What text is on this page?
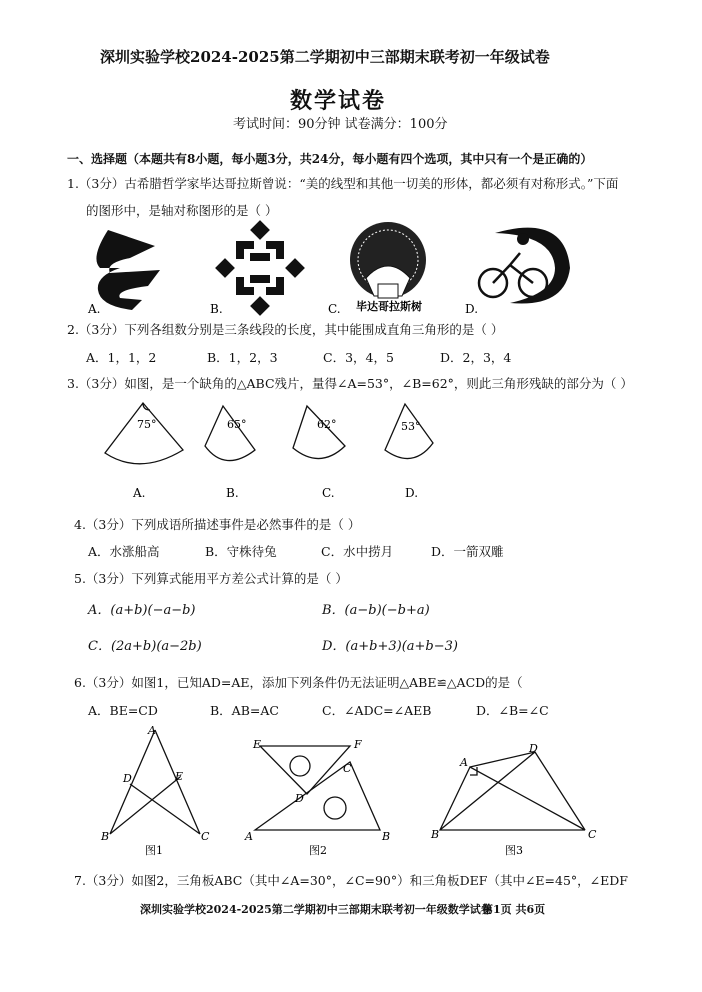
深圳实验学校2024-2025第二学期初中三部期末联考初一年级试卷
数学试卷
考试时间：90分钟 试卷满分：100分
一、选择题（本题共有8小题，每小题3分，共24分，每小题有四个选项，其中只有一个是正确的）
1.（3分）古希腊哲学家毕达哥拉斯曾说：“美的线型和其他一切美的形体，都必须有对称形式。”下面
的图形中，是轴对称图形的是（ ）
毕达哥拉斯树
A.	B.	C.	D.
2.（3分）下列各组数分别是三条线段的长度，其中能围成直角三角形的是（ ）
A．1，1，2	B．1，2，3	C．3，4，5	D．2，3，4
3.（3分）如图，是一个缺角的△ABC残片，量得∠A=53°，∠B=62°，则此三角形残缺的部分为（ ）
75°	65°	62°	53°
A.	B.	C.	D.
4.（3分）下列成语所描述事件是必然事件的是（ ）
A．水涨船高	B．守株待兔	C．水中捞月	D．一箭双雕
5.（3分）下列算式能用平方差公式计算的是（ ）
A．(a+b)(−a−b)	B．(a−b)(−b+a)
C．(2a+b)(a−2b)	D．(a+b+3)(a+b−3)
6.（3分）如图1，已知AD=AE，添加下列条件仍无法证明△ABE≌△ACD的是（
A．BE=CD	B．AB=AC	C．∠ADC=∠AEB	D．∠B=∠C
A
B	C
D	E
图1
E	F
C
D
A	B
图2
A
D
B	C
图3
7.（3分）如图2，三角板ABC（其中∠A=30°，∠C=90°）和三角板DEF（其中∠E=45°，∠EDF
深圳实验学校2024-2025第二学期初中三部期末联考初一年级数学试卷
第1页 共6页
